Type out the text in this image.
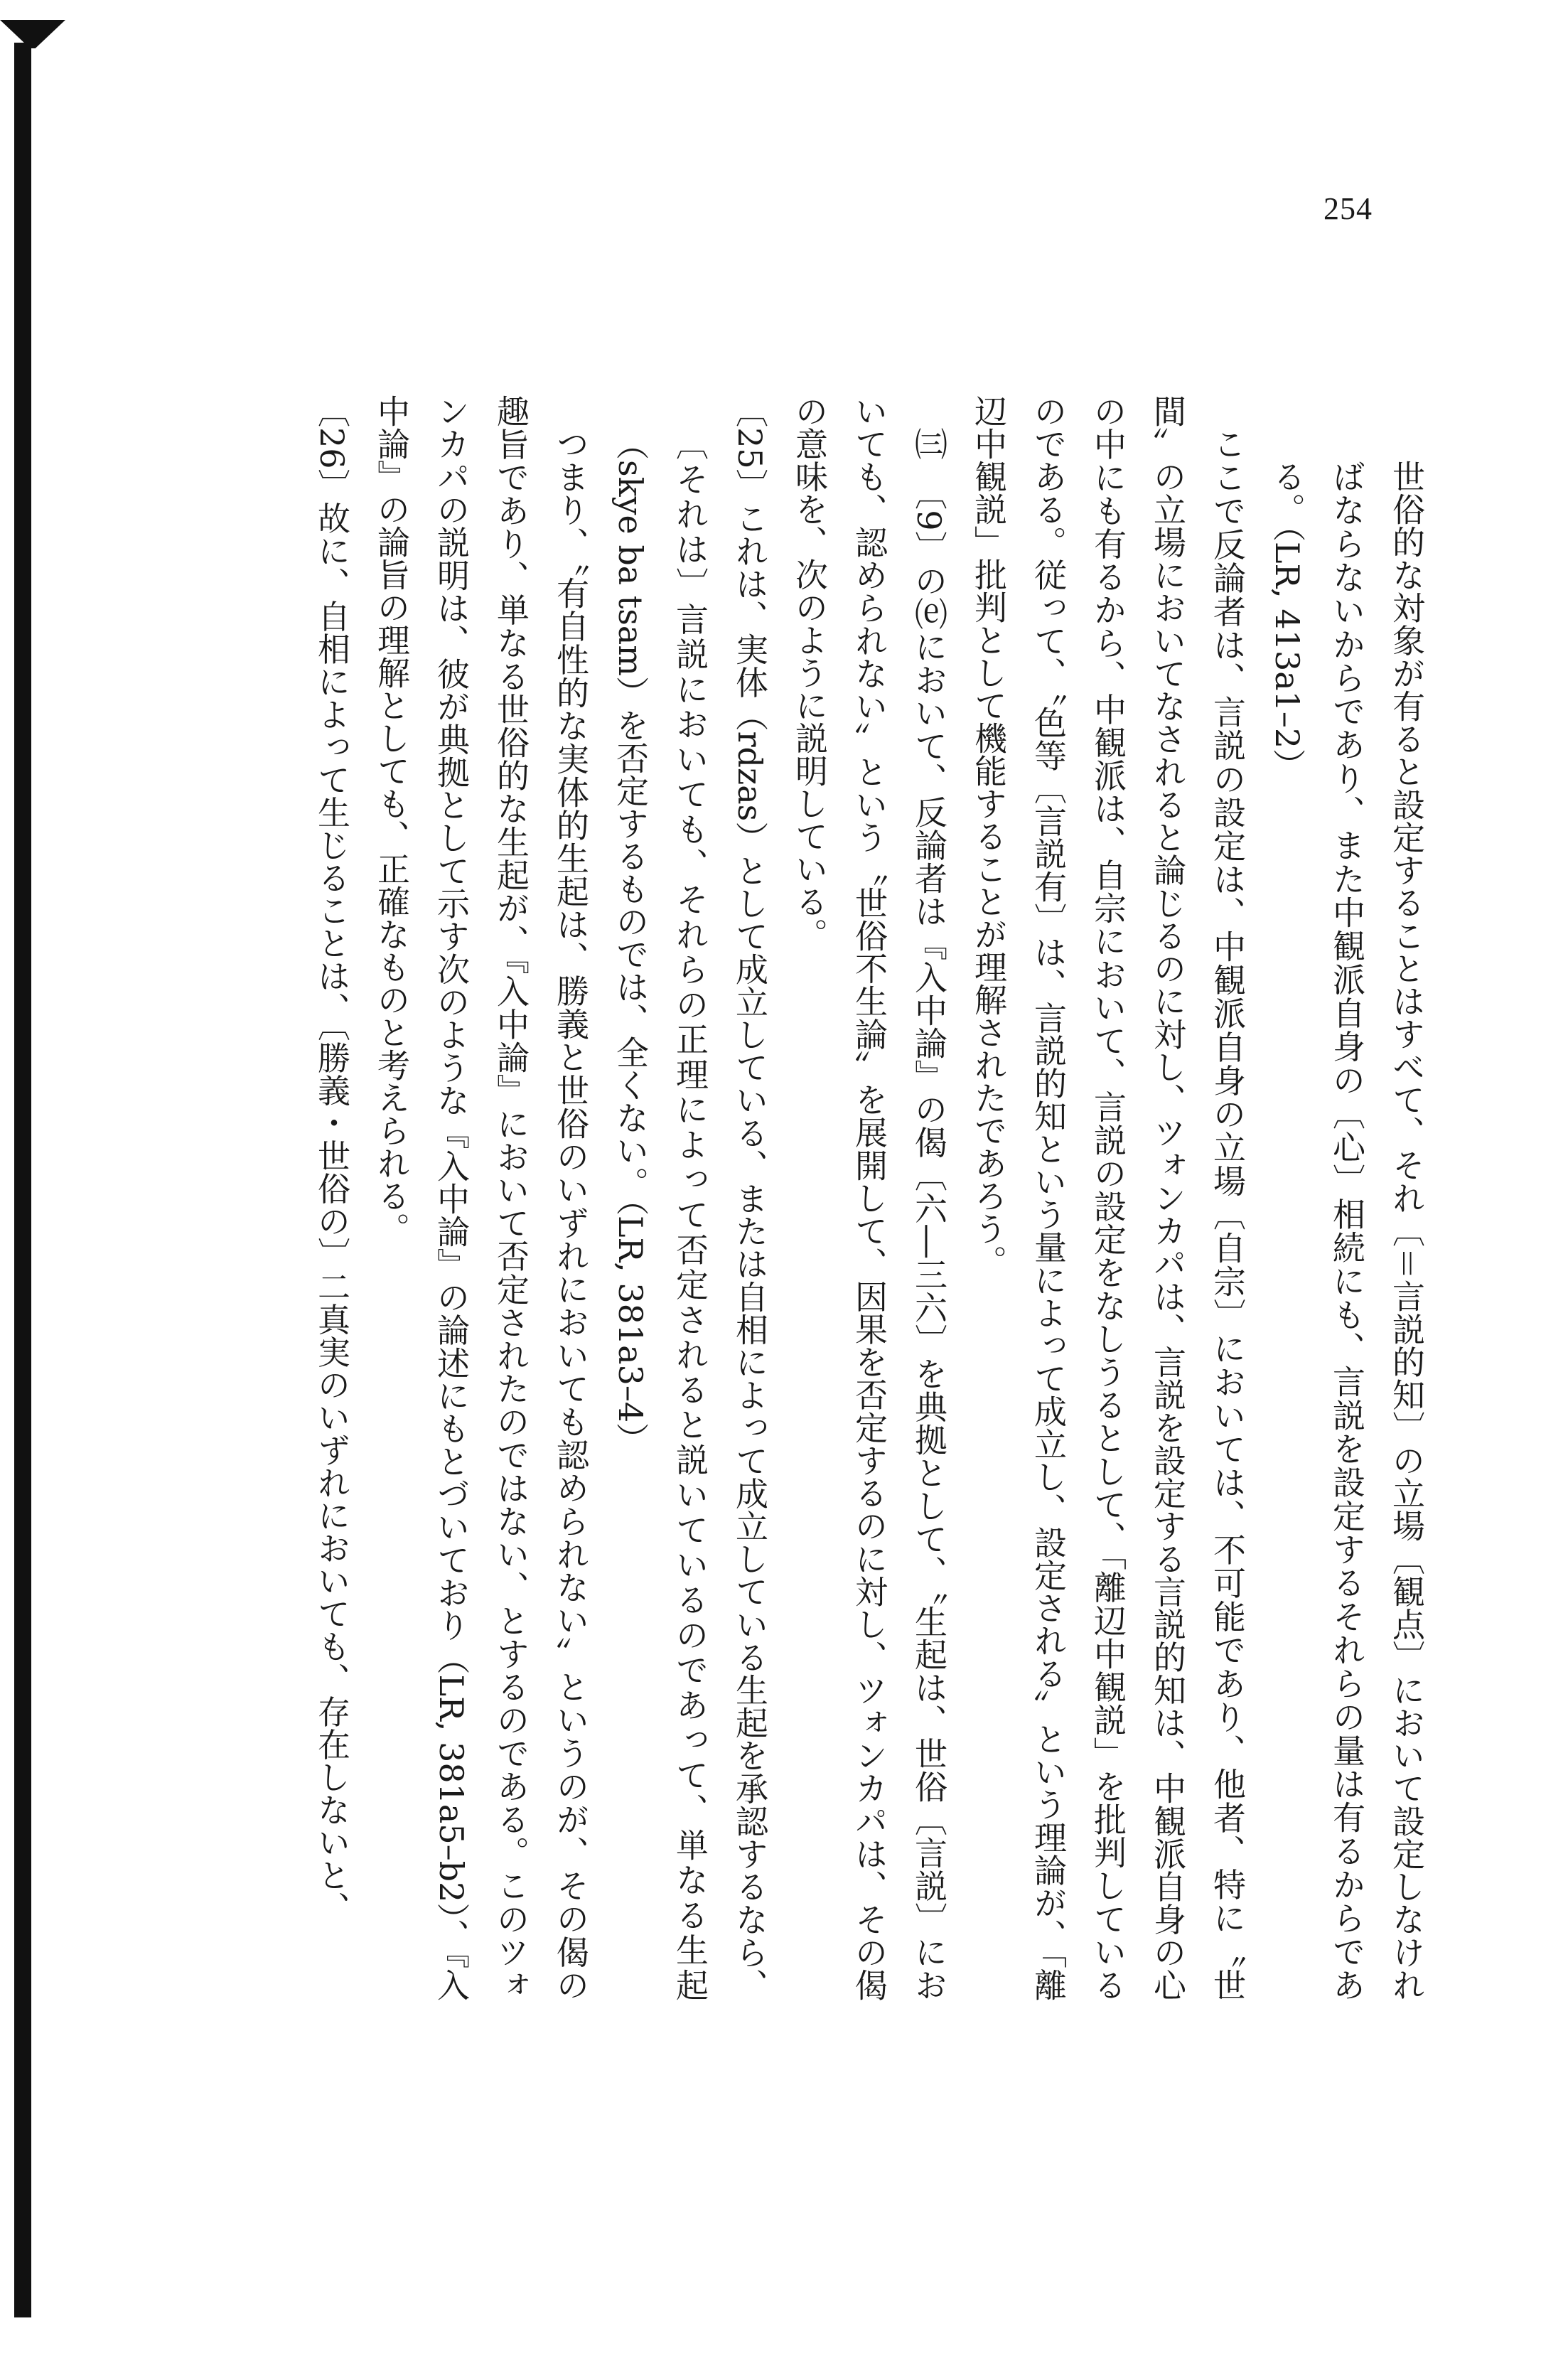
254

世俗的な対象が有ると設定することはすべて、それ〔＝言説的知〕の立場〔観点〕において設定しなければならないからであり、また中観派自身の〔心〕相続にも、言説を設定するそれらの量は有るからである。（LR, 413a1–2）

ここで反論者は、言説の設定は、中観派自身の立場〔自宗〕においては、不可能であり、他者、特に〝世間〟の立場においてなされると論じるのに対し、ツォンカパは、言説を設定する言説的知は、中観派自身の心の中にも有るから、中観派は、自宗において、言説の設定をなしうるとして、「離辺中観説」を批判しているのである。従って、〝色等〔言説有〕は、言説的知という量によって成立し、設定される〟という理論が、「離辺中観説」批判として機能することが理解されたであろう。

㈢　〔9〕の⒠において、反論者は『入中論』の偈〔六―三六〕を典拠として、〝生起は、世俗〔言説〕においても、認められない〟という〝世俗不生論〟を展開して、因果を否定するのに対し、ツォンカパは、その偈の意味を、次のように説明している。

〔25〕これは、実体（rdzas）として成立している、または自相によって成立している生起を承認するなら、〔それは〕言説においても、それらの正理によって否定されると説いているのであって、単なる生起（skye ba tsam）を否定するものでは、全くない。（LR, 381a3–4）

つまり、〝有自性的な実体的生起は、勝義と世俗のいずれにおいても認められない〟というのが、その偈の趣旨であり、単なる世俗的な生起が、『入中論』において否定されたのではない、とするのである。このツォンカパの説明は、彼が典拠として示す次のような『入中論』の論述にもとづいており（LR, 381a5–b2）、『入中論』の論旨の理解としても、正確なものと考えられる。

〔26〕故に、自相によって生じることは、〔勝義・世俗の〕二真実のいずれにおいても、存在しないと、
